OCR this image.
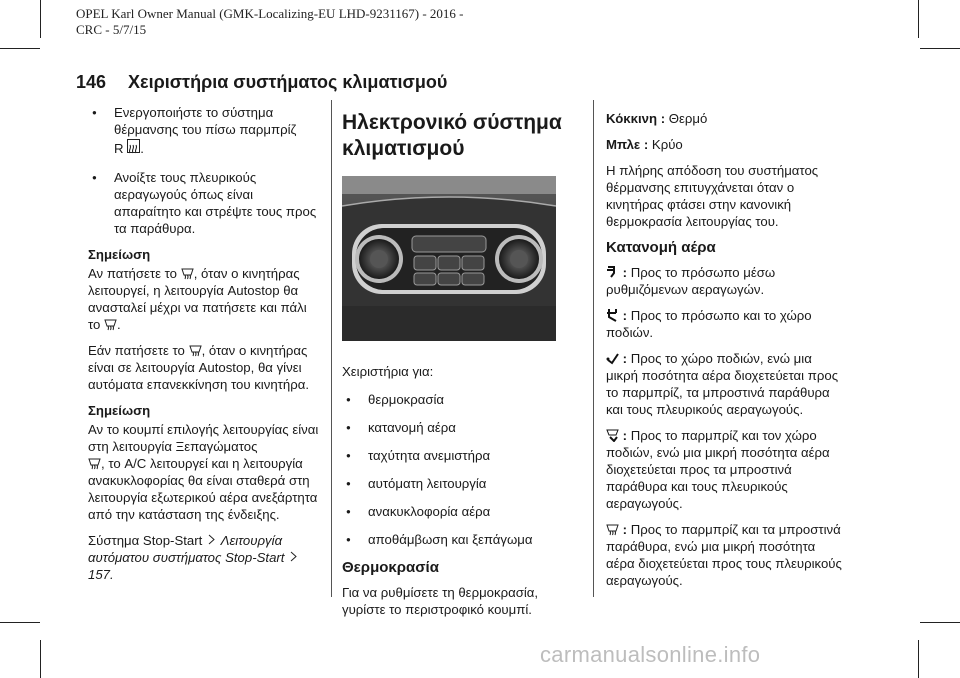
OPEL Karl Owner Manual (GMK-Localizing-EU LHD-9231167) - 2016 -
CRC - 5/7/15
146 Χειριστήρια συστήματος κλιματισμού
● Ενεργοποιήστε το σύστημα
θέρμανσης του πίσω παρμπρίζ
R .
● Ανοίξτε τους πλευρικούς αεραγωγούς όπως είναι απαραίτητο και στρέψτε τους προς τα παράθυρα.

Σημείωση

Αν πατήσετε το , όταν ο κινητήρας λειτουργεί, η λειτουργία Autostop θα ανασταλεί μέχρι να πατήσετε και πάλι το .

Εάν πατήσετε το , όταν ο κινητήρας είναι σε λειτουργία Autostop, θα γίνει αυτόματα επανεκκίνηση του κινητήρα.

Σημείωση

Αν το κουμπί επιλογής λειτουργίας είναι στη λειτουργία Ξεπαγώματος
, το A/C λειτουργεί και η λειτουργία ανακυκλοφορίας θα είναι σταθερά στη λειτουργία εξωτερικού αέρα ανεξάρτητα από την κατάσταση της ένδειξης.

Σύστημα Stop-Start Λειτουργία αυτόματου συστήματος Stop-Start  157.

Ηλεκτρονικό σύστημα κλιματισμού

Χειριστήρια για:

● θερμοκρασία
● κατανομή αέρα
● ταχύτητα ανεμιστήρα
● αυτόματη λειτουργία
● ανακυκλοφορία αέρα
● αποθάμβωση και ξεπάγωμα
Θερμοκρασία

Για να ρυθμίσετε τη θερμοκρασία, γυρίστε το περιστροφικό κουμπί.

Κόκκινη : Θερμό

Μπλε : Κρύο

Η πλήρης απόδοση του συστήματος θέρμανσης επιτυγχάνεται όταν ο κινητήρας φτάσει στην κανονική θερμοκρασία λειτουργίας του.

Κατανομή αέρα

: Προς το πρόσωπο μέσω ρυθμιζόμενων αεραγωγών.

: Προς το πρόσωπο και το χώρο ποδιών.

: Προς το χώρο ποδιών, ενώ μια μικρή ποσότητα αέρα διοχετεύεται προς το παρμπρίζ, τα μπροστινά παράθυρα και τους πλευρικούς αεραγωγούς.

: Προς το παρμπρίζ και τον χώρο ποδιών, ενώ μια μικρή ποσότητα αέρα διοχετεύεται προς τα μπροστινά παράθυρα και τους πλευρικούς αεραγωγούς.

: Προς το παρμπρίζ και τα μπροστινά παράθυρα, ενώ μια μικρή ποσότητα αέρα διοχετεύεται προς τους πλευρικούς αεραγωγούς.

carmanualsonline.info
